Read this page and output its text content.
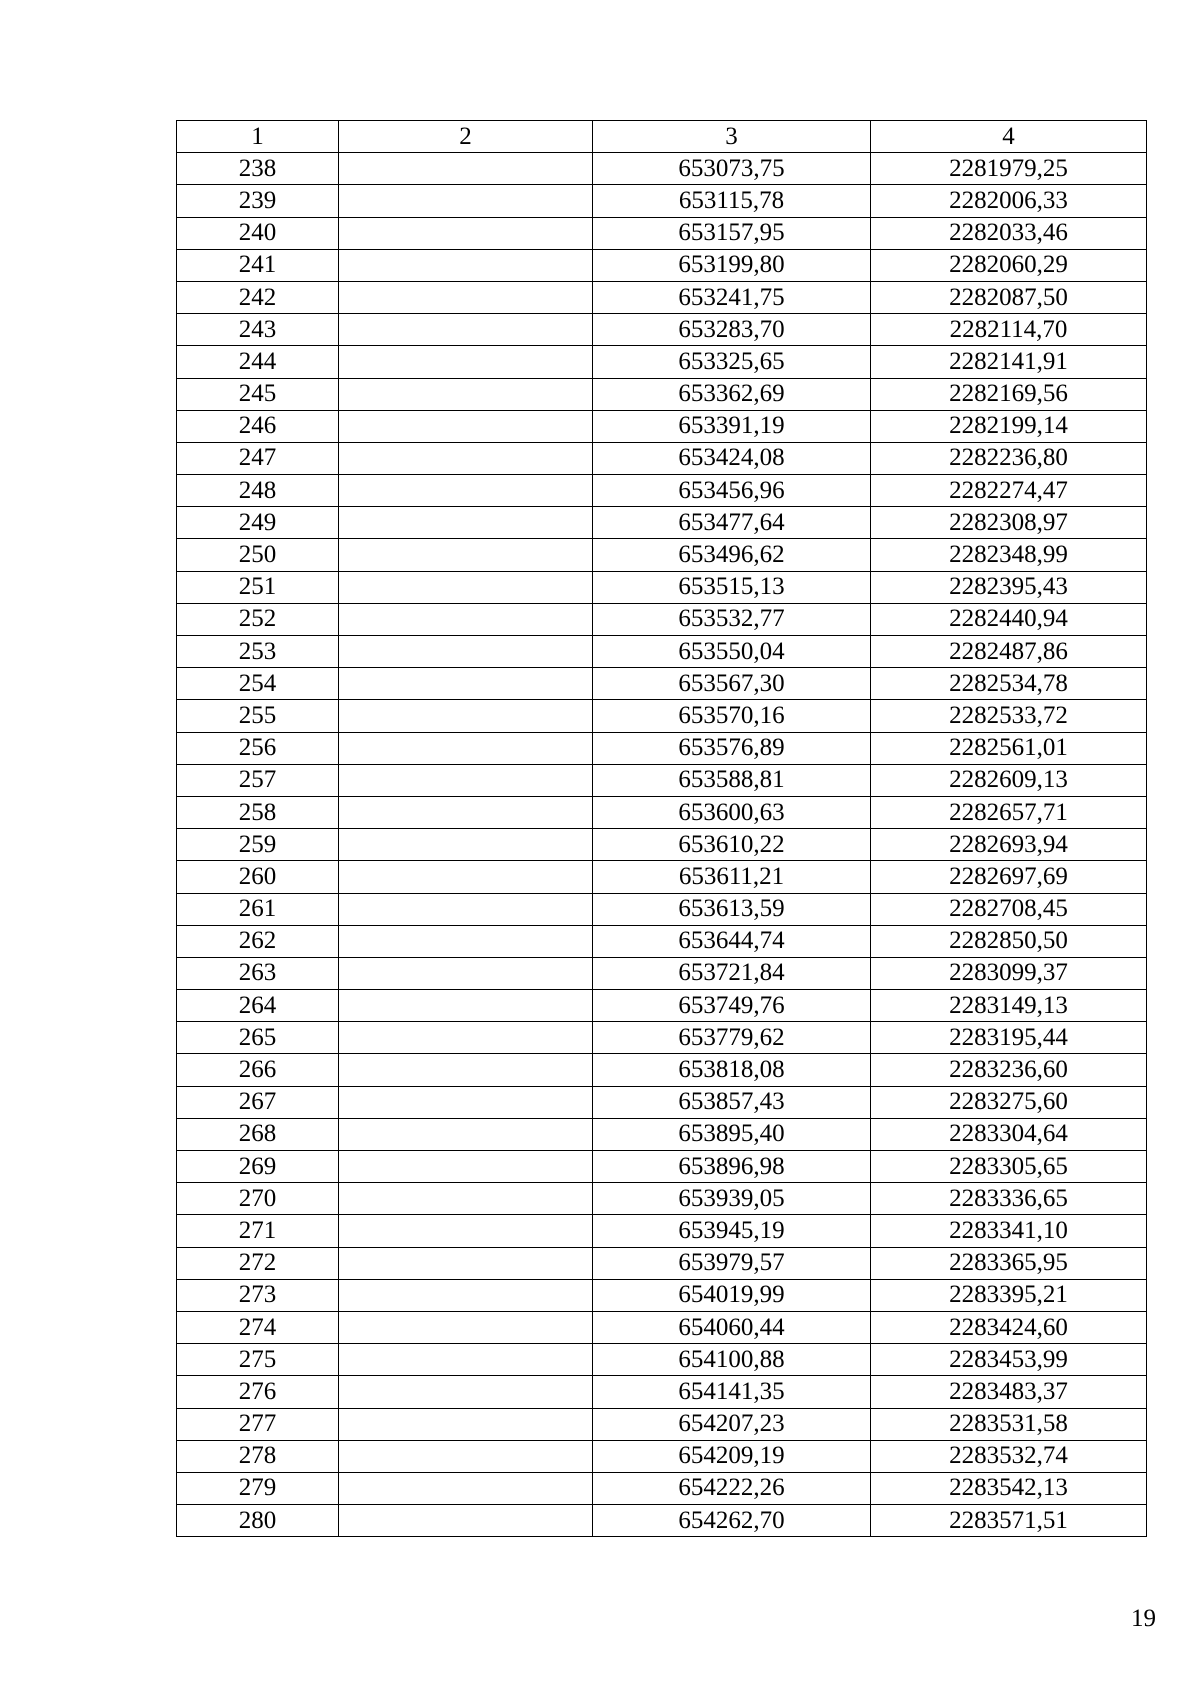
1	2	3	4
238		653073,75	2281979,25
239		653115,78	2282006,33
240		653157,95	2282033,46
241		653199,80	2282060,29
242		653241,75	2282087,50
243		653283,70	2282114,70
244		653325,65	2282141,91
245		653362,69	2282169,56
246		653391,19	2282199,14
247		653424,08	2282236,80
248		653456,96	2282274,47
249		653477,64	2282308,97
250		653496,62	2282348,99
251		653515,13	2282395,43
252		653532,77	2282440,94
253		653550,04	2282487,86
254		653567,30	2282534,78
255		653570,16	2282533,72
256		653576,89	2282561,01
257		653588,81	2282609,13
258		653600,63	2282657,71
259		653610,22	2282693,94
260		653611,21	2282697,69
261		653613,59	2282708,45
262		653644,74	2282850,50
263		653721,84	2283099,37
264		653749,76	2283149,13
265		653779,62	2283195,44
266		653818,08	2283236,60
267		653857,43	2283275,60
268		653895,40	2283304,64
269		653896,98	2283305,65
270		653939,05	2283336,65
271		653945,19	2283341,10
272		653979,57	2283365,95
273		654019,99	2283395,21
274		654060,44	2283424,60
275		654100,88	2283453,99
276		654141,35	2283483,37
277		654207,23	2283531,58
278		654209,19	2283532,74
279		654222,26	2283542,13
280		654262,70	2283571,51
19
